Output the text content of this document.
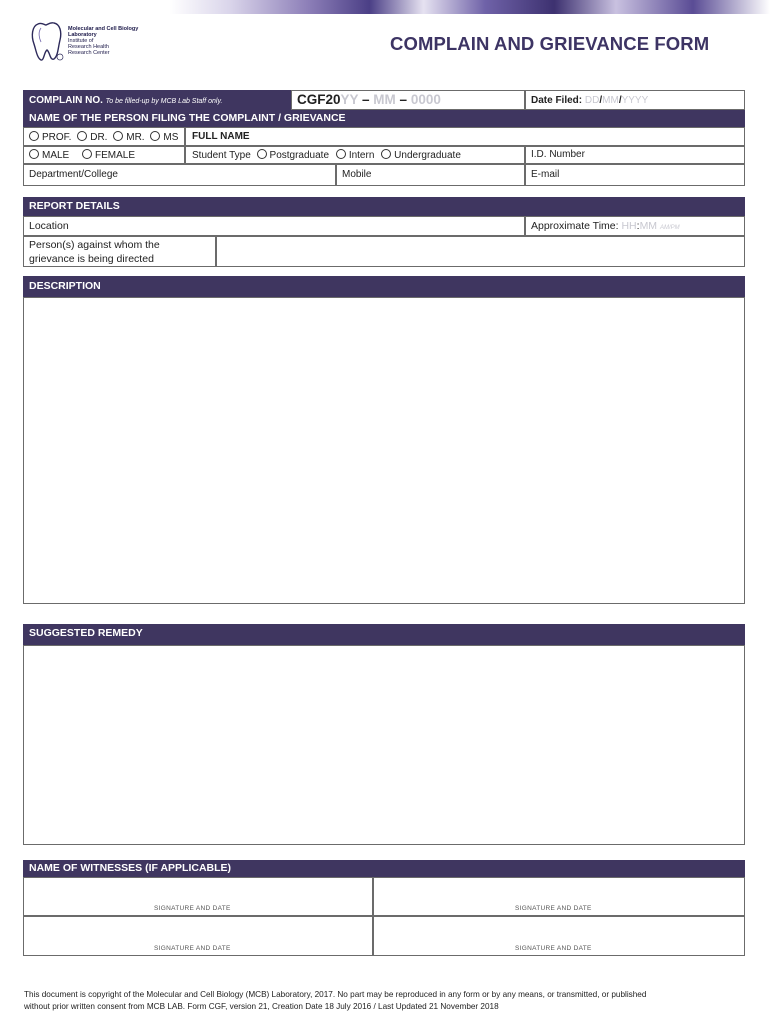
Molecular and Cell Biology
Laboratory
Institute of
Research Health
Research Center	COMPLAIN AND GRIEVANCE FORM
COMPLAIN NO. To be filled-up by MCB Lab Staff only.	CGF20YY – MM – 0000	Date Filed: DD/MM/YYYY
NAME OF THE PERSON FILING THE COMPLAINT / GRIEVANCE
PROF. DR. MR. MS FULL NAME
MALE	FEMALE	Student Type Postgraduate Intern Undergraduate	I.D. Number
Department/College	Mobile	E-mail
REPORT DETAILS
Location	Approximate Time: HH:MM AM/PM
Person(s) against whom the
grievance is being directed
DESCRIPTION
SUGGESTED REMEDY
NAME OF WITNESSES (IF APPLICABLE)
SIGNATURE AND DATE	SIGNATURE AND DATE
SIGNATURE AND DATE	SIGNATURE AND DATE
This document is copyright of the Molecular and Cell Biology (MCB) Laboratory, 2017. No part may be reproduced in any form or by any means, or transmitted, or published
without prior written consent from MCB LAB. Form CGF, version 21, Creation Date 18 July 2016 / Last Updated 21 November 2018
